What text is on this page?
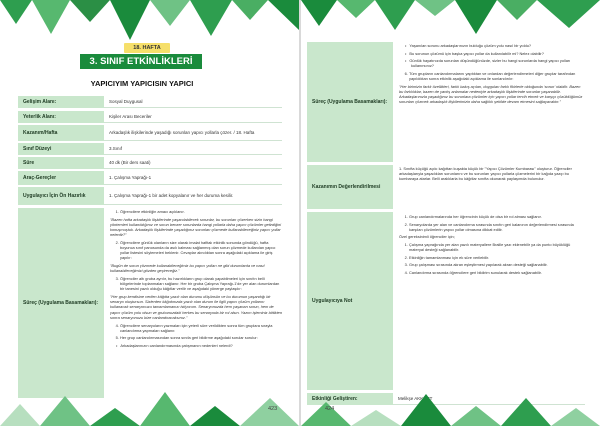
18. HAFTA
3. SINIF ETKİNLİKLERİ
YAPICIYIM YAPICISIN YAPICI
Gelişim Alanı:	Sosyal Duygusal
Yeterlik Alanı:	Kişiler Arası Beceriler
Kazanım/Hafta	Arkadaşlık ilişkilerinde yaşadığı sorunları yapıcı yollarla çözer. / 18. Hafta
Sınıf Düzeyi	3.Sınıf
Süre	40 dk (Bir ders saati)
Araç-Gereçler	1. Çalışma Yaprağı-1
Uygulayıcı İçin Ön Hazırlık	1. Çalışma Yaprağı-1 bir adet kopyalanır ve her duruma kesilir.
Süreç (Uygulama Basamakları):
1. Öğrencilere etkinliğin amacı açıklanır.

"Bazen hafta arkadaşlık ilişkilerinde yaşanılabilecek sorunlar, bu sorunları çözerken sizin hangi yöntemleri kullanıldığınız ve sorun benzer sorunlarda hangi yollarla daha yapıcı çözümler getirdiğini konuşmuştuk. Arkadaşlık ilişkilerinde yaşadığınız sorunları çözmede kullanabileceğiniz yapıcı yollar nelerdir?"

2. Öğrencilere günlük olanların size olarak imalat hafitalı etkinlik sonunda göndüğü, hafta boyunca sınıf panosunda da asılı kalması sağlanmış olan sorun çözmede kullanılan yapıcı yollar listesini söylemeleri beklenir. Cevaplar alındıktan sonra aşağıdaki açıklama ile giriş yapılır:

"Bugün de sorun çözmede kullanabileceğimiz bu yapıcı yolları ne gibi durumlarda ve nasıl kullanabileceğimizi gözden geçireceğiz."

3. Öğrenciler altı gruba ayrılır, bu hazırlıkların grup olarak yapabilmeleri için sınıfın belli bölgelerinde toplanmaları sağlanır. Her bir gruba Çalışma Yaprağı-1'de yer alan durumlardan bir tanesini yazılı olduğu kâğıtlar verilir ve aşağıdaki yönerge paylaşılır:

"Her grup kendisine verilen kâğıtta yazılı olan durumu düşünsün ve bu durumun yaşandığı bir senaryo oluştursun. Sizlerden kâğıdınızda yazılı olan durum ile ilgili yapıcı çözüm yollarını kullanacak senaryonuzu tamamlamanızı istiyorum. Senaryonuzda hem yaşanan sorun, hem de yapıcı çözüm yolu olsun ve grubunuzdaki herkes bu senaryoda bir rol alsın. Yazım işleminiz bittikten sonra senaryonuzu bize canlandıracaksınız."

4. Öğrencilere senaryoların yazmaları için yeterli süre verildikten sonra tüm gruplara sırayla canlandırma yapmaları sağlanır.
5. Her grup canlandırmasından sonra sınıfa geri bildirme aşağıdaki sorular sorulur:
• Arkadaşlarınızın canlandırmasında çatışmanın nedenleri nelerdi?
423
Süreç (Uygulama Basamakları):
• Yaşanılan sorunu arkadaşlarınızın bulduğu çözüm yolu nasıl bir yoldu?
• Bu sorunun çözümü için başka yapıcı yollar da kullanılabilir mi? Nelez olabilir?
• Günlük hayatınızda sorunları düşündüğünüzde, sizler bu hangi sorunlarda hangi yapıcı yolları kullanırsınız?
6. Tüm grupların canlandırmalarını yaptıktan ve onlardan değerlendirmeleri diğer gruplar tarafından yapıldıktan sonra etkinlik aşağıdaki açıklama ile sonlandırılır:

"Her birimizin farklı özellikleri, farklı bakış açıları, duyguları farklı fikirlerle olduğunda ‘sorun’ olabilir. Bazen bu farklılıklar, bazen de yanlış anlamalar nedeniyle arkadaşlık ilişkilerinde sorunlar yaşanabilir. Arkadaşlarınızla yaşadığınız bu sorunlara çözümler için yapıcı yollar tercih etmek ve karşıyı çözüldüğümüz sorunları çözmek arkadaşlık ilişkilerimizin daha sağlıklı şekilde devam etmesini sağlayacaktır."

Kazanımın Değerlendirilmesi
1. Sınıfta küçüğü açıkı kağıttan kuşakta küçük bir "Yapıcı Çözümler Kumbarası" oluşturur. Öğrenciler arkadaşlarıyla yaşadıkları sorunlarını ve bu sorunları yapıcı yollarla çözmelerini bir kağıda yazıp bu kumbaraya atarlar. Belli aralıklarla bu kâğıtlar sınıfta okunarak paylaşımda bulunulur.
Uygulayıcıya Not
1. Grup canlandırmalarında her öğrencinin küçük de olsa bir rol alması sağlanır.
2. Senaryolarda yer alan ve canlandırma sırasında sınıfın geri kalanının değerlendirmesi sırasında karşılan çözümlerin yapıcı yollar olmasına dikkat edilir.

Özel gereksinimli öğrenciler için;

1. Çalışma yaprağında yer alan yazılı materyallere Braille yazı eklenebilir ya da punto büyüklüğü materyal desteği sağlanabilir.
2. Etkinliğin tamamlanması için ek süre verilebilir.
3. Grup çalışması sırasında akran eşleştirmesi yapılarak akran desteği sağlanabilir.
4. Canlandırma sırasında öğrencilere geri bildirim sunularak destek sağlanabilir.
Etkinliği Geliştiren:	Melikşe AKKURT
424
